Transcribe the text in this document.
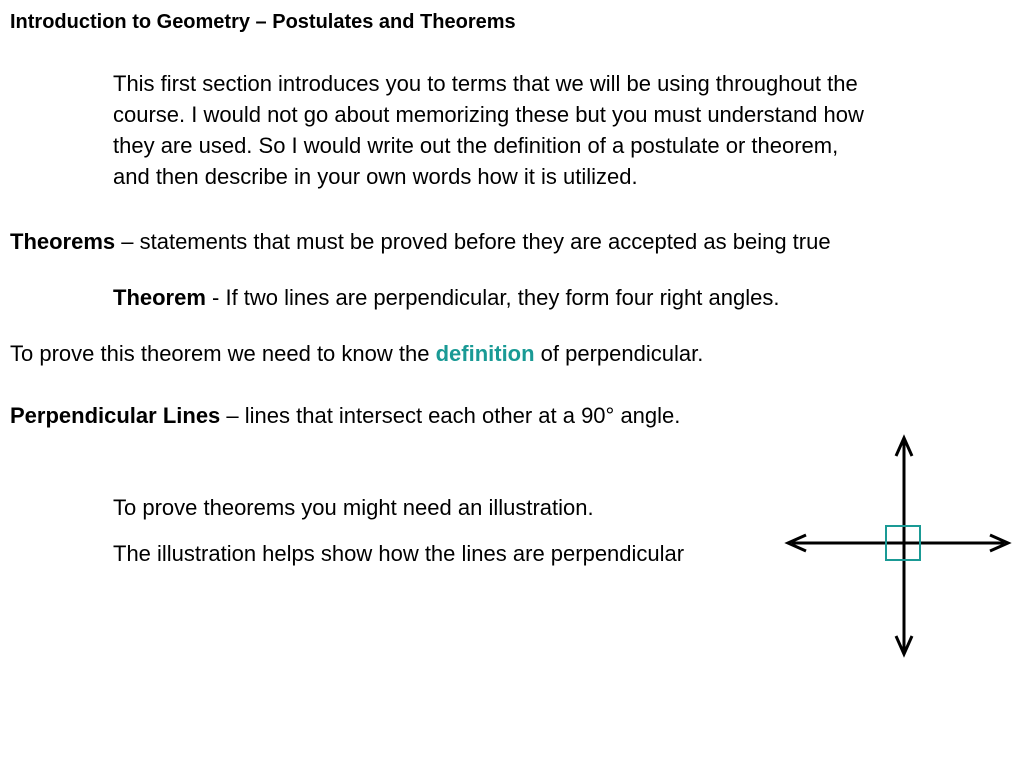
Introduction to Geometry – Postulates and Theorems
This first section introduces you to terms that we will be using throughout the
course. I would not go about memorizing these but you must understand how
they are used. So I would write out the definition of a postulate or theorem,
and then describe in your own words how it is utilized.
Theorems – statements that must be proved before they are accepted as being true
Theorem - If two lines are perpendicular, they form four right angles.
To prove this theorem we need to know the definition of perpendicular.
Perpendicular Lines – lines that intersect each other at a 90° angle.
To prove theorems you might need an illustration.
The illustration helps show how the lines are perpendicular
